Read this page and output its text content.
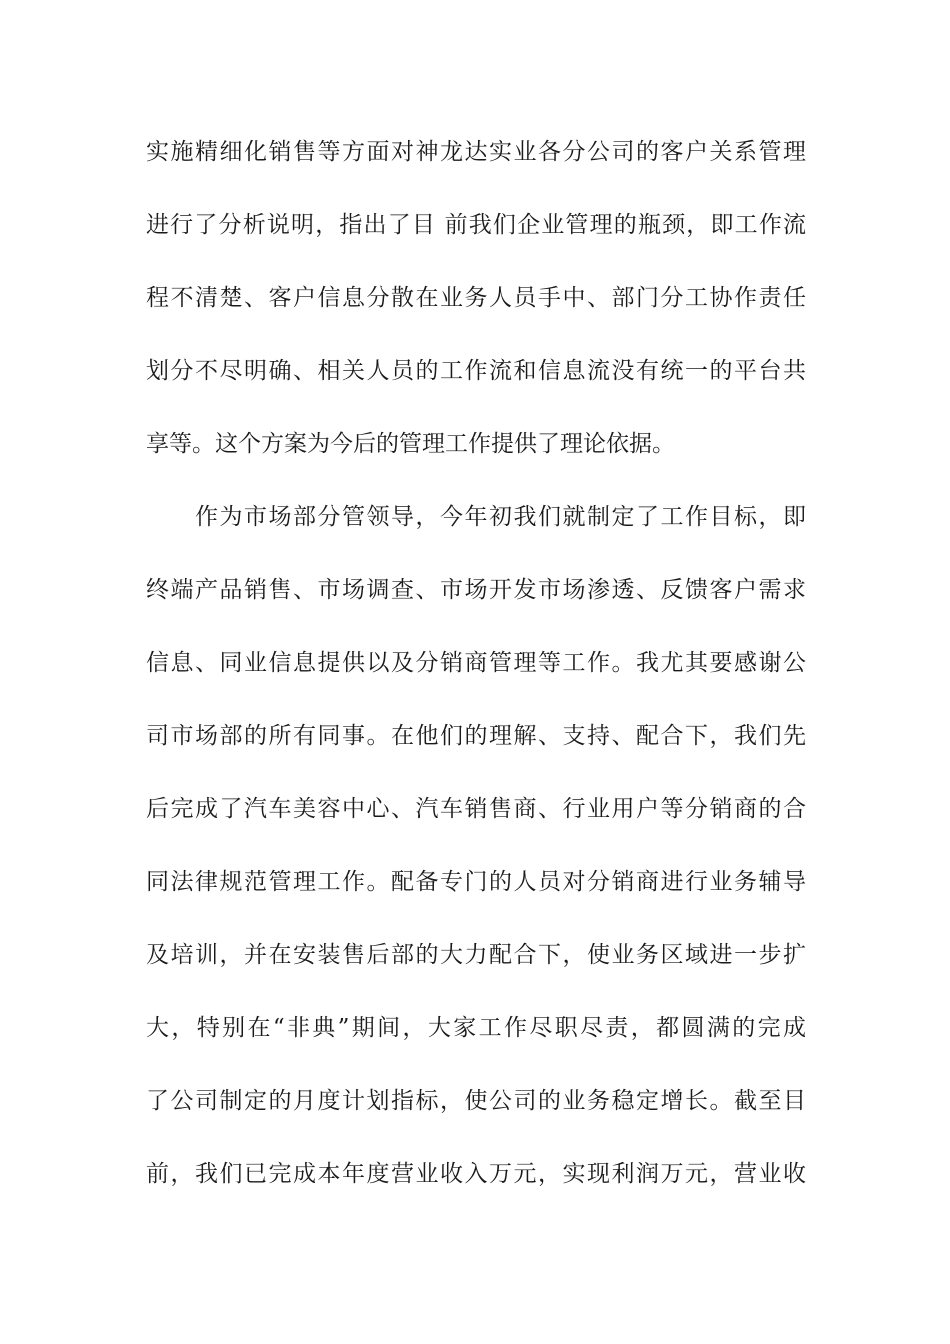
实施精细化销售等方面对神龙达实业各分公司的客户关系管理
进行了分析说明，指出了目 前我们企业管理的瓶颈，即工作流
程不清楚、客户信息分散在业务人员手中、部门分工协作责任
划分不尽明确、相关人员的工作流和信息流没有统一的平台共
享等。这个方案为今后的管理工作提供了理论依据。
作为市场部分管领导，今年初我们就制定了工作目标，即
终端产品销售、市场调查、市场开发市场渗透、反馈客户需求
信息、同业信息提供以及分销商管理等工作。我尤其要感谢公
司市场部的所有同事。在他们的理解、支持、配合下，我们先
后完成了汽车美容中心、汽车销售商、行业用户等分销商的合
同法律规范管理工作。配备专门的人员对分销商进行业务辅导
及培训，并在安装售后部的大力配合下，使业务区域进一步扩
大，特别在“非典”期间，大家工作尽职尽责，都圆满的完成
了公司制定的月度计划指标，使公司的业务稳定增长。截至目
前，我们已完成本年度营业收入万元，实现利润万元，营业收
